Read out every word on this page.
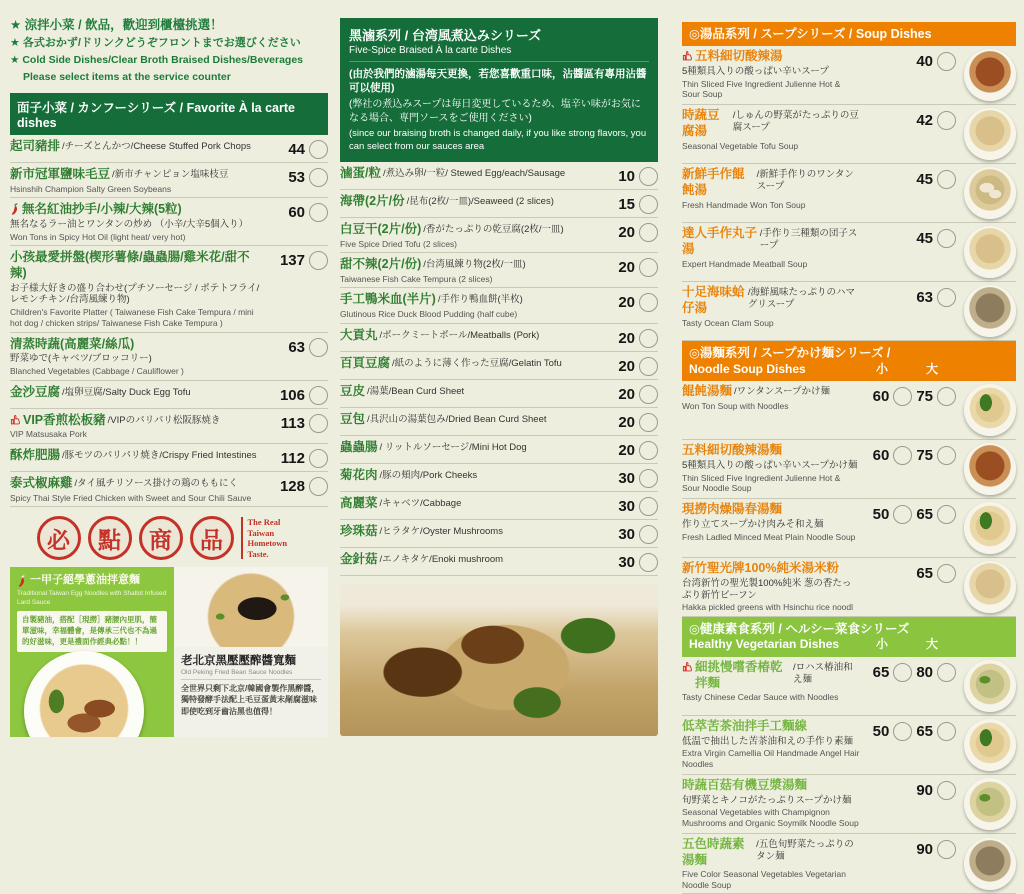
★ 涼拌小菜 / 飲品，歡迎到櫃檯挑選！
★ 各式おかず/ドリンクどうぞフロントまでお選びください
★ Cold Side Dishes/Clear Broth Braised Dishes/Beverages
Please select items at the service counter
面子小菜 / カンフーシリーズ / Favorite À la carte dishes
起司豬排 /チーズとんかつ/Cheese Stuffed Pork Chops 44
新市冠軍鹽味毛豆 /新市チャンピョン塩味枝豆
Hsinshih Champion Salty Green Soybeans
53
無名紅油抄手/小辣/大辣(5粒)
無名なるラー油とワンタンの炒め （小辛/大辛5個入り）
Won Tons in Spicy Hot Oil (light heat/ very hot)
60
小孩最愛拼盤(楔形薯條/蟲蟲腸/雞米花/甜不辣)
お子様大好きの盛り合わせ(プチソーセージ / ポテトフライ/レモンチキン/台湾風練り物)
Children's Favorite Platter ( Taiwanese Fish Cake Tempura / mini hot dog / chicken strips/ Taiwanese Fish Cake Tempura )
137
清蒸時蔬(高麗菜/絲瓜)
野菜ゆで(キャベツ/ブロッコリー)
Blanched Vegetables (Cabbage / Cauliflower )
63
金沙豆腐 /塩卵豆腐/Salty Duck Egg Tofu	106
VIP香煎松板豬 /VIPのパリパリ松阪豚焼き
VIP Matsusaka Pork
113
酥炸肥腸 /豚モツのパリパリ焼き/Crispy Fried Intestines 112
泰式椒麻雞 /タイ風チリソース掛けの鶏のももにく
Spicy Thai Style Fried Chicken with Sweet and Sour Chili Sauve
128
必	點	商	品
The Real Taiwan Hometown Taste.
一甲子絕學蔥油拌意麵
Traditional Taiwan Egg Noodles with Shallot Infused Lard Sauce
自製豬油，搭配［現撈］豬腰內里肌，簡單滋味，幸福體會，是傳承三代也不為過的好滋味，更是禮面作經典必點！！
老北京黑壓壓醡醬寬麵
Old Peking Fried Bean Sauce Noodles
全世界只剩下北京/韓國會製作黑醡醬，獨特發酵手法配上毛豆蛋黃末剮腐滋味即使吃到牙齒沾黑也值得！
黑滷系列 / 台湾風煮込みシリーズ
Five-Spice Braised À la carte Dishes
(由於我們的滷湯每天更換，若您喜歡重口味，沾醬區有專用沾醬可以使用)
(弊社の煮込みスープは毎日変更しているため、塩辛い味がお気になる場合、専門ソースをご使用ください)
(since our braising broth is changed daily, if you like strong flavors, you can select from our sauces area
滷蛋/粒 /煮込み卵/一粒/ Stewed Egg/each/Sausage	10
海帶(2片/份 /昆布(2枚/一皿)/Seaweed (2 slices)	15
白豆干(2片/份) /香がたっぷりの乾豆腐(2枚/一皿)
Five Spice Dried Tofu (2 slices)
20
甜不辣(2片/份) /台湾風練り物(2枚/一皿)
Taiwanese Fish Cake Tempura (2 slices)
20
手工鴨米血(半片) /手作り鴨血餅(半枚)
Glutinous Rice Duck Blood Pudding (half cube)
20
大貢丸 /ポークミートボール/Meatballs (Pork)	20
百頁豆腐 /紙のように薄く作った豆腐/Gelatin Tofu	20
豆皮 /湯葉/Bean Curd Sheet	20
豆包 /具沢山の湯葉包み/Dried Bean Curd Sheet	20
蟲蟲腸 / リットルソーセージ/Mini Hot Dog	20
菊花肉 /豚の頬肉/Pork Cheeks	30
高麗菜 /キャベツ/Cabbage	30
珍珠菇 /ヒラタケ/Oyster Mushrooms	30
金針菇 /エノキタケ/Enoki mushroom	30
◎湯品系列 / スープシリーズ / Soup Dishes
五料細切酸辣湯
5種類具入りの酸っぱい辛いスープ
Thin Sliced Five Ingredient Julienne Hot & Sour Soup
40
時蔬豆腐湯
/しゅんの野菜がたっぷりの豆腐スープ
Seasonal Vegetable Tofu Soup
42
新鮮手作餛飩湯
/新鮮手作りのワンタンスープ
Fresh Handmade Won Ton Soup
45
達人手作丸子湯
/手作り三種類の団子スープ
Expert Handmade Meatball Soup
45
十足海味蛤仔湯
/海鮮風味たっぷりのハマグリスープ
Tasty Ocean Clam Soup
63
◎湯麵系列 / スープかけ麺シリーズ /
Noodle Soup Dishes	小	大
餛飩湯麵 /ワンタンスープかけ麺
Won Ton Soup with Noodles
60 75
五料細切酸辣湯麵
5種類具入りの酸っぱい辛いスープかけ麺
Thin Sliced Five Ingredient Julienne Hot & Sour Noodle Soup
60 75
現撈肉燥陽春湯麵
作り立てスープかけ肉みそ和え麺
Fresh Ladled Minced Meat Plain Noodle Soup
50 65
新竹聖光牌100%純米湯米粉
台湾新竹の聖光製100%純米 葱の香たっぷり新竹ビーフン
Hakka pickled greens with Hsinchu rice noodl
65
◎健康素食系列 / ヘルシー菜食シリーズ
Healthy Vegetarian Dishes	小	大
細挑慢嚐香椿乾拌麵
/ロハス椿油和え麺
Tasty Chinese Cedar Sauce with Noodles
65 80
低萃苦茶油拌手工麵線
低温で抽出した苦茶油和えの手作り素麺
Extra Virgin Camellia Oil Handmade Angel Hair Noodles
50 65
時蔬百菇有機豆漿湯麵
旬野菜とキノコがたっぷりスープかけ麺
Seasonal Vegetables with Champignon Mushrooms and Organic Soymilk Noodle Soup
90
五色時蔬素湯麵
/五色旬野菜たっぷりのタン麺
Five Color Seasonal Vegetables Vegetarian Noodle Soup
90
